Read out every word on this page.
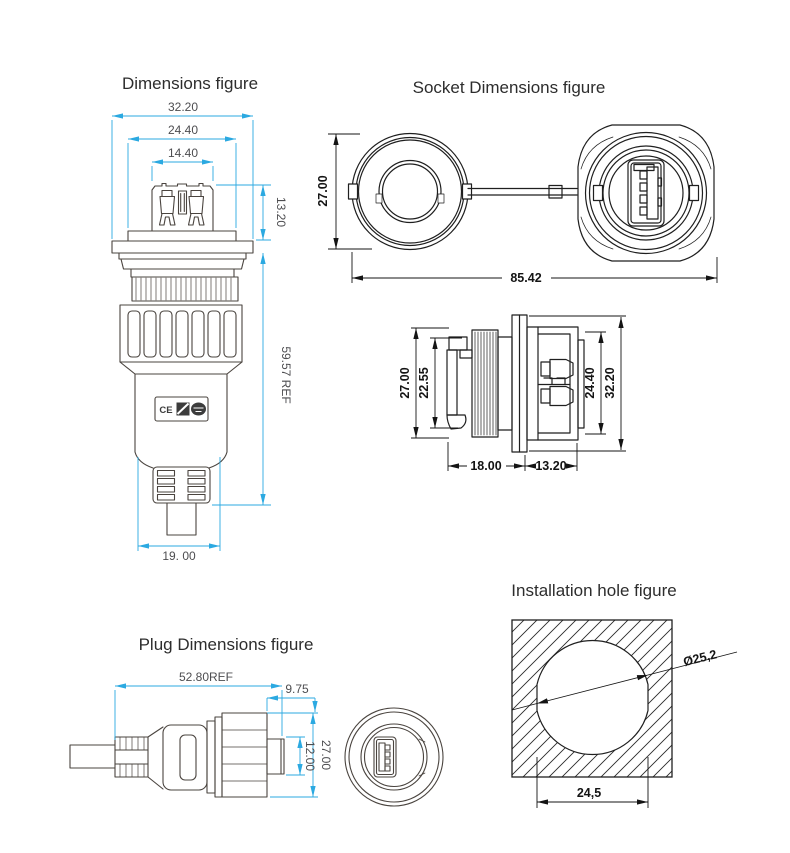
Dimensions figure
CE
32.20
24.40
14.40
13.20
59.57 REF
19. 00
Socket Dimensions figure
27.00
85.42
27.00 22.55	24.40 32.20
18.00	13.20
Plug Dimensions figure
52.80REF
9.75
27.00
12.00
Installation hole figure
Ø25,2
24,5
